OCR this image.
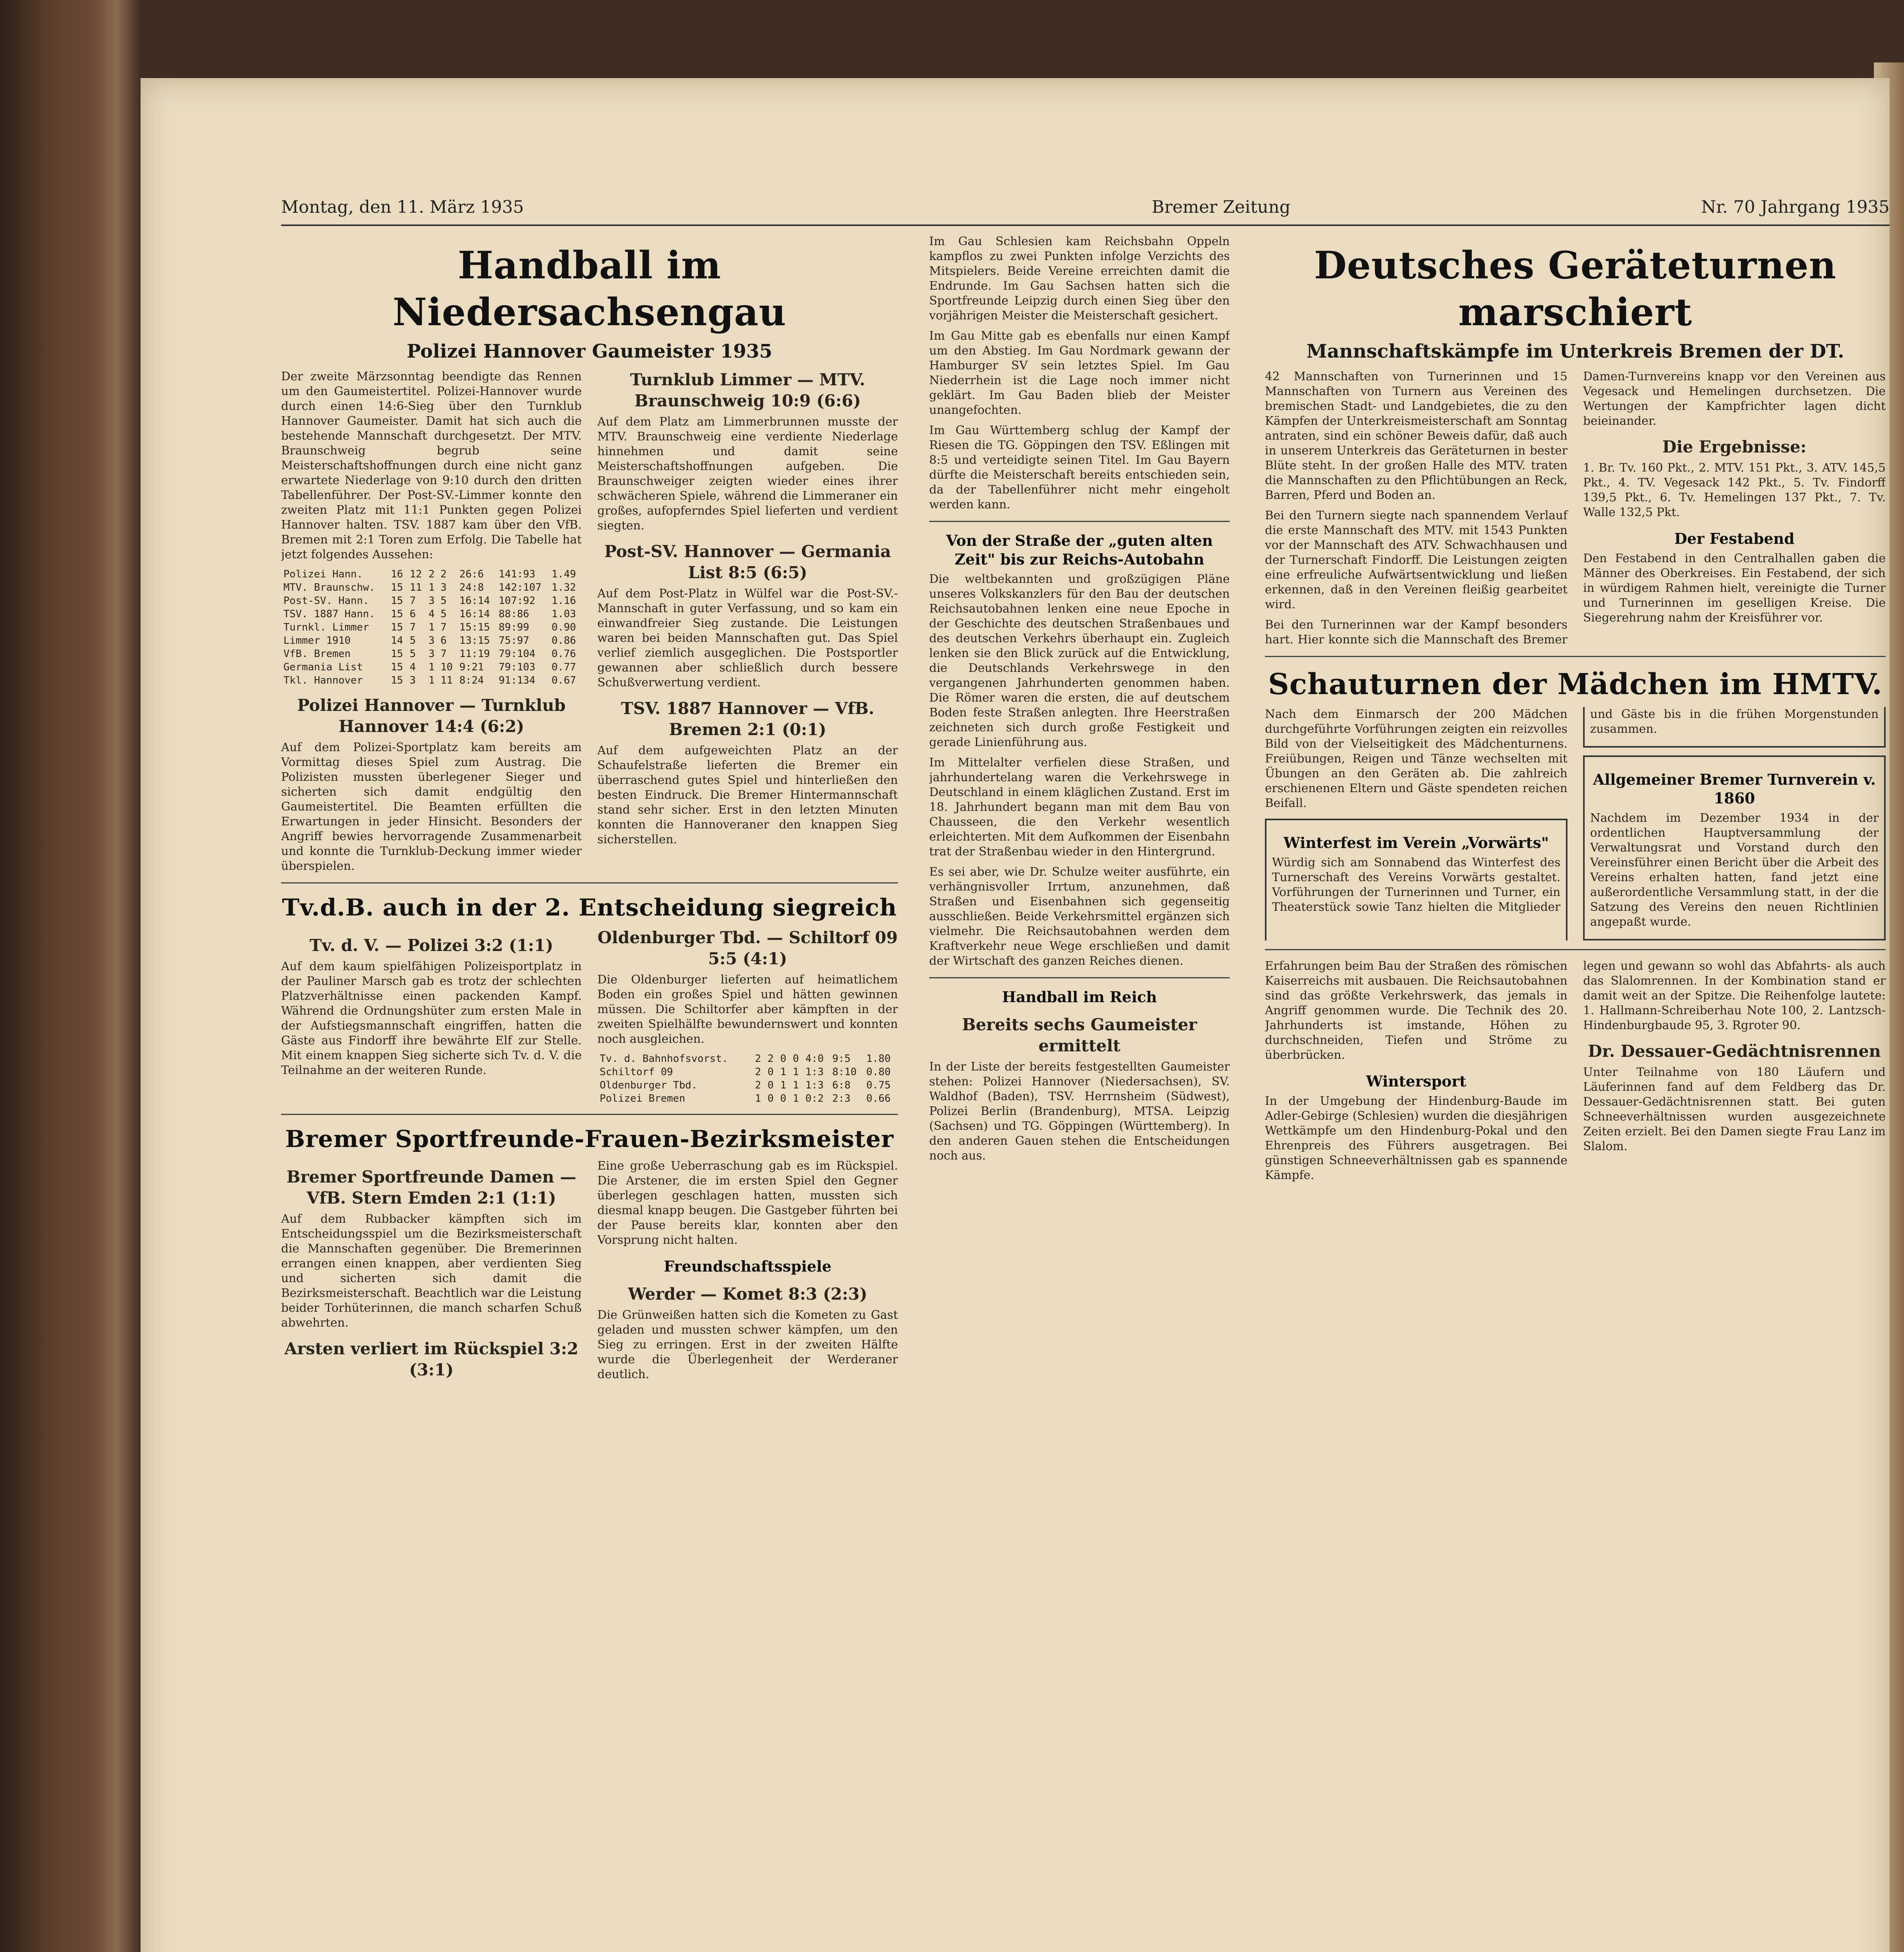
Montag, den 11. März 1935	Bremer Zeitung	Nr. 70 Jahrgang 1935
Handball im Niedersachsengau
Polizei Hannover Gaumeister 1935

Der zweite Märzsonntag beendigte das Rennen um den Gaumeistertitel. Polizei-Hannover wurde durch einen 14:6-Sieg über den Turnklub Hannover Gaumeister. Damit hat sich auch die bestehende Mannschaft durchgesetzt. Der MTV. Braunschweig begrub seine Meisterschaftshoffnungen durch eine nicht ganz erwartete Niederlage von 9:10 durch den dritten Tabellenführer. Der Post-SV.-Limmer konnte den zweiten Platz mit 11:1 Punkten gegen Polizei Hannover halten. TSV. 1887 kam über den VfB. Bremen mit 2:1 Toren zum Erfolg. Die Tabelle hat jetzt folgendes Aussehen:

Polizei Hann.	16	12	2	2	26:6	141:93	1.49
MTV. Braunschw.	15	11	1	3	24:8	142:107	1.32
Post-SV. Hann.	15	7	3	5	16:14	107:92	1.16
TSV. 1887 Hann.	15	6	4	5	16:14	88:86	1.03
Turnkl. Limmer	15	7	1	7	15:15	89:99	0.90
Limmer 1910	14	5	3	6	13:15	75:97	0.86
VfB. Bremen	15	5	3	7	11:19	79:104	0.76
Germania List	15	4	1	10	9:21	79:103	0.77
Tkl. Hannover	15	3	1	11	8:24	91:134	0.67
Polizei Hannover — Turnklub Hannover 14:4 (6:2)

Auf dem Polizei-Sportplatz kam bereits am Vormittag dieses Spiel zum Austrag. Die Polizisten mussten überlegener Sieger und sicherten sich damit endgültig den Gaumeistertitel. Die Beamten erfüllten die Erwartungen in jeder Hinsicht. Besonders der Angriff bewies hervorragende Zusammenarbeit und konnte die Turnklub-Deckung immer wieder überspielen.

Turnklub Limmer — MTV. Braunschweig 10:9 (6:6)

Auf dem Platz am Limmerbrunnen musste der MTV. Braunschweig eine verdiente Niederlage hinnehmen und damit seine Meisterschaftshoffnungen aufgeben. Die Braunschweiger zeigten wieder eines ihrer schwächeren Spiele, während die Limmeraner ein großes, aufopferndes Spiel lieferten und verdient siegten.

Post-SV. Hannover — Germania List 8:5 (6:5)

Auf dem Post-Platz in Wülfel war die Post-SV.-Mannschaft in guter Verfassung, und so kam ein einwandfreier Sieg zustande. Die Leistungen waren bei beiden Mannschaften gut. Das Spiel verlief ziemlich ausgeglichen. Die Postsportler gewannen aber schließlich durch bessere Schußverwertung verdient.

TSV. 1887 Hannover — VfB. Bremen 2:1 (0:1)

Auf dem aufgeweichten Platz an der Schaufelstraße lieferten die Bremer ein überraschend gutes Spiel und hinterließen den besten Eindruck. Die Bremer Hintermannschaft stand sehr sicher. Erst in den letzten Minuten konnten die Hannoveraner den knappen Sieg sicherstellen.

Tv.d.B. auch in der 2. Entscheidung siegreich
Tv. d. V. — Polizei 3:2 (1:1)

Auf dem kaum spielfähigen Polizeisportplatz in der Pauliner Marsch gab es trotz der schlechten Platzverhältnisse einen packenden Kampf. Während die Ordnungshüter zum ersten Male in der Aufstiegsmannschaft eingriffen, hatten die Gäste aus Findorff ihre bewährte Elf zur Stelle. Mit einem knappen Sieg sicherte sich Tv. d. V. die Teilnahme an der weiteren Runde.

Oldenburger Tbd. — Schiltorf 09 5:5 (4:1)

Die Oldenburger lieferten auf heimatlichem Boden ein großes Spiel und hätten gewinnen müssen. Die Schiltorfer aber kämpften in der zweiten Spielhälfte bewundernswert und konnten noch ausgleichen.

Tv. d. Bahnhofsvorst.	2	2	0	0	4:0	9:5	1.80
Schiltorf 09	2	0	1	1	1:3	8:10	0.80
Oldenburger Tbd.	2	0	1	1	1:3	6:8	0.75
Polizei Bremen	1	0	0	1	0:2	2:3	0.66
Bremer Sportfreunde-Frauen-Bezirksmeister
Bremer Sportfreunde Damen — VfB. Stern Emden 2:1 (1:1)

Auf dem Rubbacker kämpften sich im Entscheidungsspiel um die Bezirksmeisterschaft die Mannschaften gegenüber. Die Bremerinnen errangen einen knappen, aber verdienten Sieg und sicherten sich damit die Bezirksmeisterschaft. Beachtlich war die Leistung beider Torhüterinnen, die manch scharfen Schuß abwehrten.

Arsten verliert im Rückspiel 3:2 (3:1)

Eine große Ueberraschung gab es im Rückspiel. Die Arstener, die im ersten Spiel den Gegner überlegen geschlagen hatten, mussten sich diesmal knapp beugen. Die Gastgeber führten bei der Pause bereits klar, konnten aber den Vorsprung nicht halten.

Freundschaftsspiele
Werder — Komet 8:3 (2:3)

Die Grünweißen hatten sich die Kometen zu Gast geladen und mussten schwer kämpfen, um den Sieg zu erringen. Erst in der zweiten Hälfte wurde die Überlegenheit der Werderaner deutlich.

Im Gau Schlesien kam Reichsbahn Oppeln kampflos zu zwei Punkten infolge Verzichts des Mitspielers. Beide Vereine erreichten damit die Endrunde. Im Gau Sachsen hatten sich die Sportfreunde Leipzig durch einen Sieg über den vorjährigen Meister die Meisterschaft gesichert.

Im Gau Mitte gab es ebenfalls nur einen Kampf um den Abstieg. Im Gau Nordmark gewann der Hamburger SV sein letztes Spiel. Im Gau Niederrhein ist die Lage noch immer nicht geklärt. Im Gau Baden blieb der Meister unangefochten.

Im Gau Württemberg schlug der Kampf der Riesen die TG. Göppingen den TSV. Eßlingen mit 8:5 und verteidigte seinen Titel. Im Gau Bayern dürfte die Meisterschaft bereits entschieden sein, da der Tabellenführer nicht mehr eingeholt werden kann.

Von der Straße der „guten alten Zeit" bis zur Reichs-Autobahn

Die weltbekannten und großzügigen Pläne unseres Volkskanzlers für den Bau der deutschen Reichsautobahnen lenken eine neue Epoche in der Geschichte des deutschen Straßenbaues und des deutschen Verkehrs überhaupt ein. Zugleich lenken sie den Blick zurück auf die Entwicklung, die Deutschlands Verkehrswege in den vergangenen Jahrhunderten genommen haben. Die Römer waren die ersten, die auf deutschem Boden feste Straßen anlegten. Ihre Heerstraßen zeichneten sich durch große Festigkeit und gerade Linienführung aus.

Im Mittelalter verfielen diese Straßen, und jahrhundertelang waren die Verkehrswege in Deutschland in einem kläglichen Zustand. Erst im 18. Jahrhundert begann man mit dem Bau von Chausseen, die den Verkehr wesentlich erleichterten. Mit dem Aufkommen der Eisenbahn trat der Straßenbau wieder in den Hintergrund.

Es sei aber, wie Dr. Schulze weiter ausführte, ein verhängnisvoller Irrtum, anzunehmen, daß Straßen und Eisenbahnen sich gegenseitig ausschließen. Beide Verkehrsmittel ergänzen sich vielmehr. Die Reichsautobahnen werden dem Kraftverkehr neue Wege erschließen und damit der Wirtschaft des ganzen Reiches dienen.

Handball im Reich
Bereits sechs Gaumeister ermittelt

In der Liste der bereits festgestellten Gaumeister stehen: Polizei Hannover (Niedersachsen), SV. Waldhof (Baden), TSV. Herrnsheim (Südwest), Polizei Berlin (Brandenburg), MTSA. Leipzig (Sachsen) und TG. Göppingen (Württemberg). In den anderen Gauen stehen die Entscheidungen noch aus.

Deutsches Geräteturnen marschiert
Mannschaftskämpfe im Unterkreis Bremen der DT.

42 Mannschaften von Turnerinnen und 15 Mannschaften von Turnern aus Vereinen des bremischen Stadt- und Landgebietes, die zu den Kämpfen der Unterkreismeisterschaft am Sonntag antraten, sind ein schöner Beweis dafür, daß auch in unserem Unterkreis das Geräteturnen in bester Blüte steht. In der großen Halle des MTV. traten die Mannschaften zu den Pflichtübungen an Reck, Barren, Pferd und Boden an.

Bei den Turnern siegte nach spannendem Verlauf die erste Mannschaft des MTV. mit 1543 Punkten vor der Mannschaft des ATV. Schwachhausen und der Turnerschaft Findorff. Die Leistungen zeigten eine erfreuliche Aufwärtsentwicklung und ließen erkennen, daß in den Vereinen fleißig gearbeitet wird.

Bei den Turnerinnen war der Kampf besonders hart. Hier konnte sich die Mannschaft des Bremer Damen-Turnvereins knapp vor den Vereinen aus Vegesack und Hemelingen durchsetzen. Die Wertungen der Kampfrichter lagen dicht beieinander.

Die Ergebnisse:

1. Br. Tv. 160 Pkt., 2. MTV. 151 Pkt., 3. ATV. 145,5 Pkt., 4. TV. Vegesack 142 Pkt., 5. Tv. Findorff 139,5 Pkt., 6. Tv. Hemelingen 137 Pkt., 7. Tv. Walle 132,5 Pkt.

Der Festabend

Den Festabend in den Centralhallen gaben die Männer des Oberkreises. Ein Festabend, der sich in würdigem Rahmen hielt, vereinigte die Turner und Turnerinnen im geselligen Kreise. Die Siegerehrung nahm der Kreisführer vor.

Schauturnen der Mädchen im HMTV.

Nach dem Einmarsch der 200 Mädchen durchgeführte Vorführungen zeigten ein reizvolles Bild von der Vielseitigkeit des Mädchenturnens. Freiübungen, Reigen und Tänze wechselten mit Übungen an den Geräten ab. Die zahlreich erschienenen Eltern und Gäste spendeten reichen Beifall.

Winterfest im Verein „Vorwärts"

Würdig sich am Sonnabend das Winterfest des Turnerschaft des Vereins Vorwärts gestaltet. Vorführungen der Turnerinnen und Turner, ein Theaterstück sowie Tanz hielten die Mitglieder und Gäste bis in die frühen Morgenstunden zusammen.

Allgemeiner Bremer Turnverein v. 1860

Nachdem im Dezember 1934 in der ordentlichen Hauptversammlung der Verwaltungsrat und Vorstand durch den Vereinsführer einen Bericht über die Arbeit des Vereins erhalten hatten, fand jetzt eine außerordentliche Versammlung statt, in der die Satzung des Vereins den neuen Richtlinien angepaßt wurde.

Erfahrungen beim Bau der Straßen des römischen Kaiserreichs mit ausbauen. Die Reichsautobahnen sind das größte Verkehrswerk, das jemals in Angriff genommen wurde. Die Technik des 20. Jahrhunderts ist imstande, Höhen zu durchschneiden, Tiefen und Ströme zu überbrücken.

Wintersport

In der Umgebung der Hindenburg-Baude im Adler-Gebirge (Schlesien) wurden die diesjährigen Wettkämpfe um den Hindenburg-Pokal und den Ehrenpreis des Führers ausgetragen. Bei günstigen Schneeverhältnissen gab es spannende Kämpfe.

legen und gewann so wohl das Abfahrts- als auch das Slalomrennen. In der Kombination stand er damit weit an der Spitze. Die Reihenfolge lautete: 1. Hallmann-Schreiberhau Note 100, 2. Lantzsch-Hindenburgbaude 95, 3. Rgroter 90.

Dr. Dessauer-Gedächtnisrennen

Unter Teilnahme von 180 Läufern und Läuferinnen fand auf dem Feldberg das Dr. Dessauer-Gedächtnisrennen statt. Bei guten Schneeverhältnissen wurden ausgezeichnete Zeiten erzielt. Bei den Damen siegte Frau Lanz im Slalom.
